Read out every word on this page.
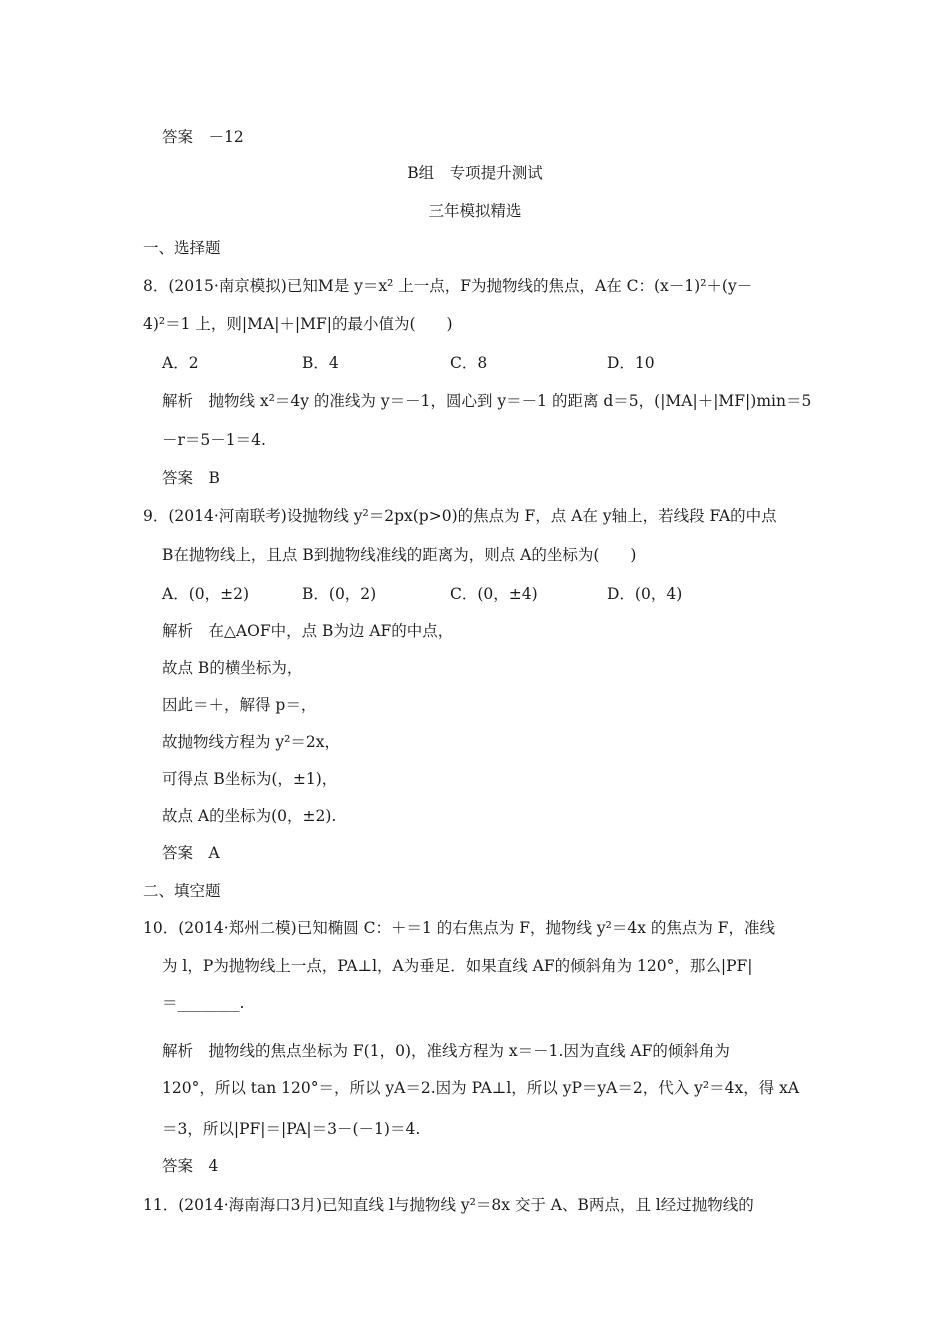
答案　－12
B组　专项提升测试
三年模拟精选
一、选择题
8．(2015·南京模拟)已知M是 y＝x² 上一点，F为抛物线的焦点，A在 C：(x－1)²＋(y－
4)²＝1 上，则|MA|＋|MF|的最小值为(　　)
A．2	B．4	C．8	D．10
解析　抛物线 x²＝4y 的准线为 y＝－1，圆心到 y＝－1 的距离 d＝5，(|MA|＋|MF|)min＝5
－r＝5－1＝4.
答案　B
9．(2014·河南联考)设抛物线 y²＝2px(p>0)的焦点为 F，点 A在 y轴上，若线段 FA的中点
B在抛物线上，且点 B到抛物线准线的距离为，则点 A的坐标为(　　)
A．(0，±2)	B．(0，2)	C．(0，±4)	D．(0，4)
解析　在△AOF中，点 B为边 AF的中点，
故点 B的横坐标为，
因此＝＋，解得 p＝，
故抛物线方程为 y²＝2x，
可得点 B坐标为(，±1)，
故点 A的坐标为(0，±2).
答案　A
二、填空题
10．(2014·郑州二模)已知椭圆 C：＋＝1 的右焦点为 F，抛物线 y²＝4x 的焦点为 F，准线
为 l，P为抛物线上一点，PA⊥l，A为垂足．如果直线 AF的倾斜角为 120°，那么|PF|
＝________.
解析　抛物线的焦点坐标为 F(1，0)，准线方程为 x＝－1.因为直线 AF的倾斜角为
120°，所以 tan 120°＝，所以 yA＝2.因为 PA⊥l，所以 yP＝yA＝2，代入 y²＝4x，得 xA
＝3，所以|PF|＝|PA|＝3－(－1)＝4.
答案　4
11．(2014·海南海口3月)已知直线 l与抛物线 y²＝8x 交于 A、B两点，且 l经过抛物线的
